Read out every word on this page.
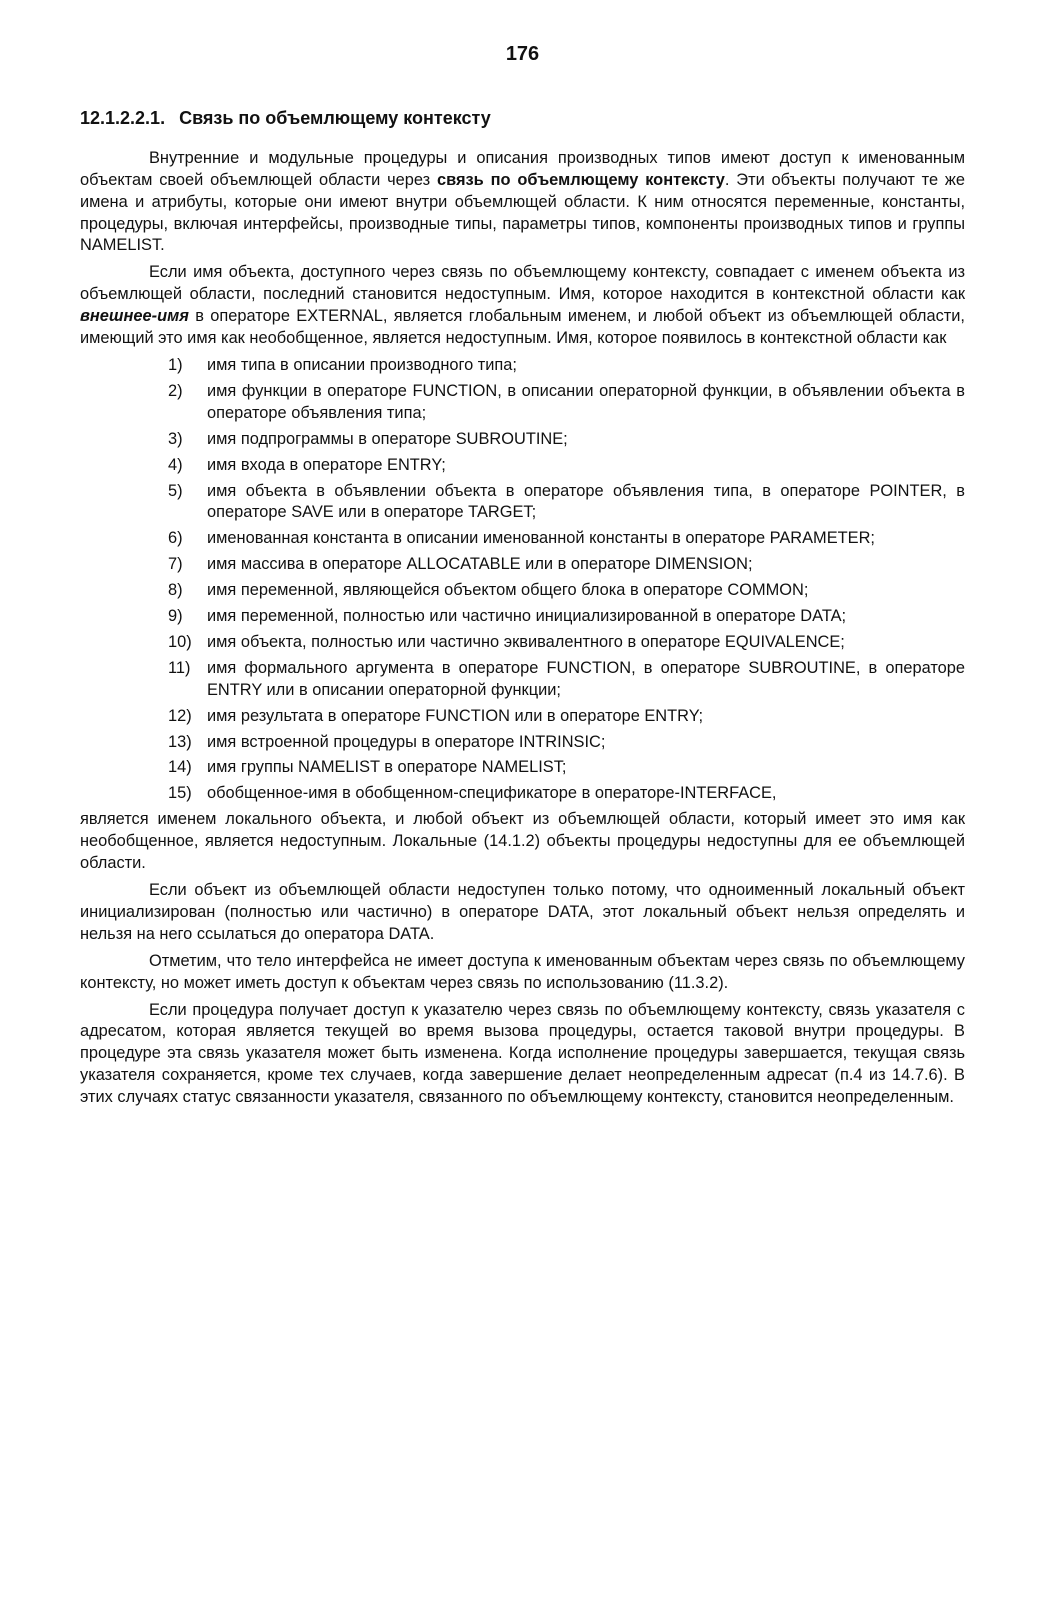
176
12.1.2.2.1. Связь по объемлющему контексту

Внутренние и модульные процедуры и описания производных типов имеют доступ к именованным объектам своей объемлющей области через связь по объемлющему контексту. Эти объекты получают те же имена и атрибуты, которые они имеют внутри объемлющей области. К ним относятся переменные, константы, процедуры, включая интерфейсы, производные типы, параметры типов, компоненты производных типов и группы NAMELIST.

Если имя объекта, доступного через связь по объемлющему контексту, совпадает с именем объекта из объемлющей области, последний становится недоступным. Имя, которое находится в контекстной области как внешнее-имя в операторе EXTERNAL, является глобальным именем, и любой объект из объемлющей области, имеющий это имя как необобщенное, является недоступным. Имя, которое появилось в контекстной области как

1) имя типа в описании производного типа;
2) имя функции в операторе FUNCTION, в описании операторной функции, в объявлении объекта в операторе объявления типа;
3) имя подпрограммы в операторе SUBROUTINE;
4) имя входа в операторе ENTRY;
5) имя объекта в объявлении объекта в операторе объявления типа, в операторе POINTER, в операторе SAVE или в операторе TARGET;
6) именованная константа в описании именованной константы в операторе PARAMETER;
7) имя массива в операторе ALLOCATABLE или в операторе DIMENSION;
8) имя переменной, являющейся объектом общего блока в операторе COMMON;
9) имя переменной, полностью или частично инициализированной в операторе DATA;
10) имя объекта, полностью или частично эквивалентного в операторе EQUIVALENCE;
11) имя формального аргумента в операторе FUNCTION, в операторе SUBROUTINE, в операторе ENTRY или в описании операторной функции;
12) имя результата в операторе FUNCTION или в операторе ENTRY;
13) имя встроенной процедуры в операторе INTRINSIC;
14) имя группы NAMELIST в операторе NAMELIST;
15) обобщенное-имя в обобщенном-спецификаторе в операторе-INTERFACE,

является именем локального объекта, и любой объект из объемлющей области, который имеет это имя как необобщенное, является недоступным. Локальные (14.1.2) объекты процедуры недоступны для ее объемлющей области.

Если объект из объемлющей области недоступен только потому, что одноименный локальный объект инициализирован (полностью или частично) в операторе DATA, этот локальный объект нельзя определять и нельзя на него ссылаться до оператора DATA.

Отметим, что тело интерфейса не имеет доступа к именованным объектам через связь по объемлющему контексту, но может иметь доступ к объектам через связь по использованию (11.3.2).

Если процедура получает доступ к указателю через связь по объемлющему контексту, связь указателя с адресатом, которая является текущей во время вызова процедуры, остается таковой внутри процедуры. В процедуре эта связь указателя может быть изменена. Когда исполнение процедуры завершается, текущая связь указателя сохраняется, кроме тех случаев, когда завершение делает неопределенным адресат (п.4 из 14.7.6). В этих случаях статус связанности указателя, связанного по объемлющему контексту, становится неопределенным.
